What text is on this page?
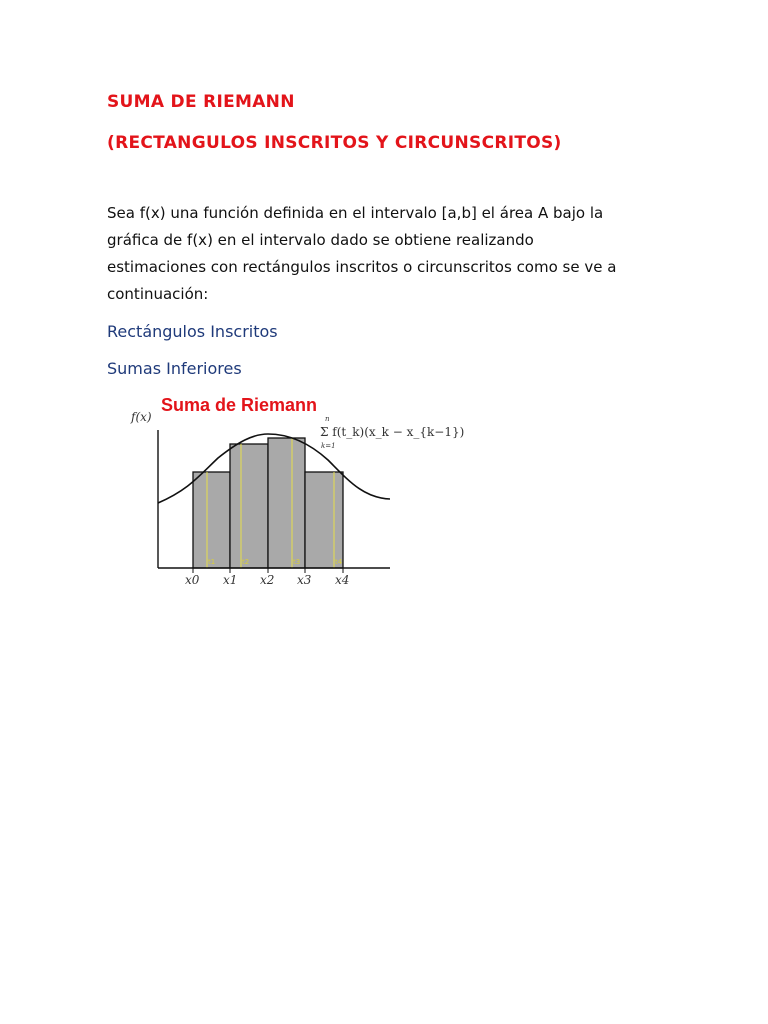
SUMA DE RIEMANN
(RECTANGULOS INSCRITOS Y CIRCUNSCRITOS)

Sea f(x) una función definida en el intervalo [a,b] el área A bajo la
gráfica de f(x) en el intervalo dado se obtiene realizando
estimaciones con rectángulos inscritos o circunscritos como se ve a
continuación:

Rectángulos Inscritos
Sumas Inferiores
Suma de Riemann
f(x)
t1	t2	t3	t4
x0 x1 x2 x3 x4
n
k=1
Σ f(t_k)(x_k − x_{k−1})
